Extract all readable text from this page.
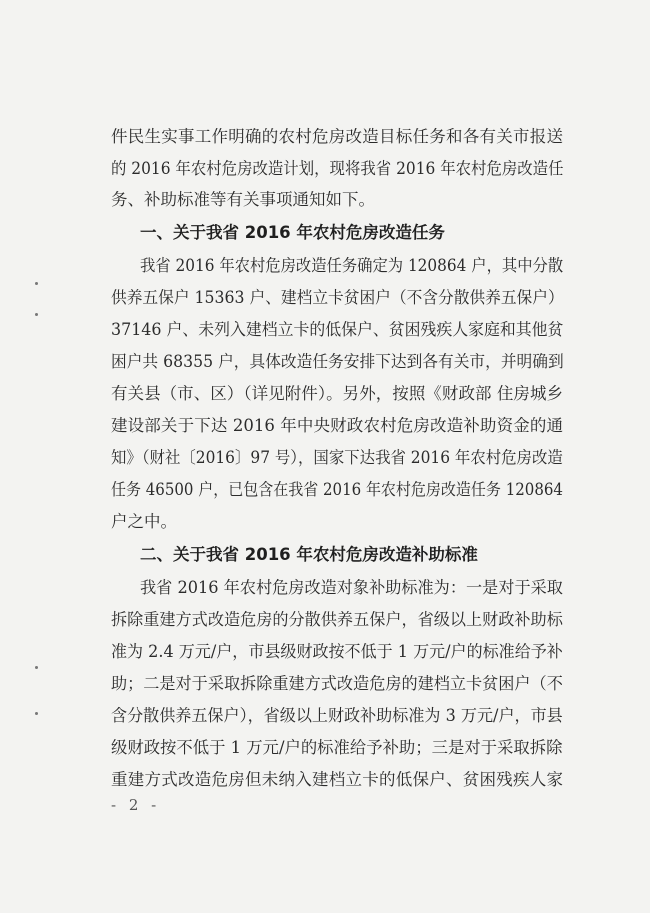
件民生实事工作明确的农村危房改造目标任务和各有关市报送
的 2016 年农村危房改造计划，现将我省 2016 年农村危房改造任
务、补助标准等有关事项通知如下。
一、关于我省 2016 年农村危房改造任务
我省 2016 年农村危房改造任务确定为 120864 户，其中分散
供养五保户 15363 户、建档立卡贫困户（不含分散供养五保户）
37146 户、未列入建档立卡的低保户、贫困残疾人家庭和其他贫
困户共 68355 户，具体改造任务安排下达到各有关市，并明确到
有关县（市、区）（详见附件）。另外，按照《财政部 住房城乡
建设部关于下达 2016 年中央财政农村危房改造补助资金的通
知》（财社〔2016〕97 号），国家下达我省 2016 年农村危房改造
任务 46500 户，已包含在我省 2016 年农村危房改造任务 120864
户之中。
二、关于我省 2016 年农村危房改造补助标准
我省 2016 年农村危房改造对象补助标准为：一是对于采取
拆除重建方式改造危房的分散供养五保户，省级以上财政补助标
准为 2.4 万元/户，市县级财政按不低于 1 万元/户的标准给予补
助；二是对于采取拆除重建方式改造危房的建档立卡贫困户（不
含分散供养五保户），省级以上财政补助标准为 3 万元/户，市县
级财政按不低于 1 万元/户的标准给予补助；三是对于采取拆除
重建方式改造危房但未纳入建档立卡的低保户、贫困残疾人家
- 2 -
